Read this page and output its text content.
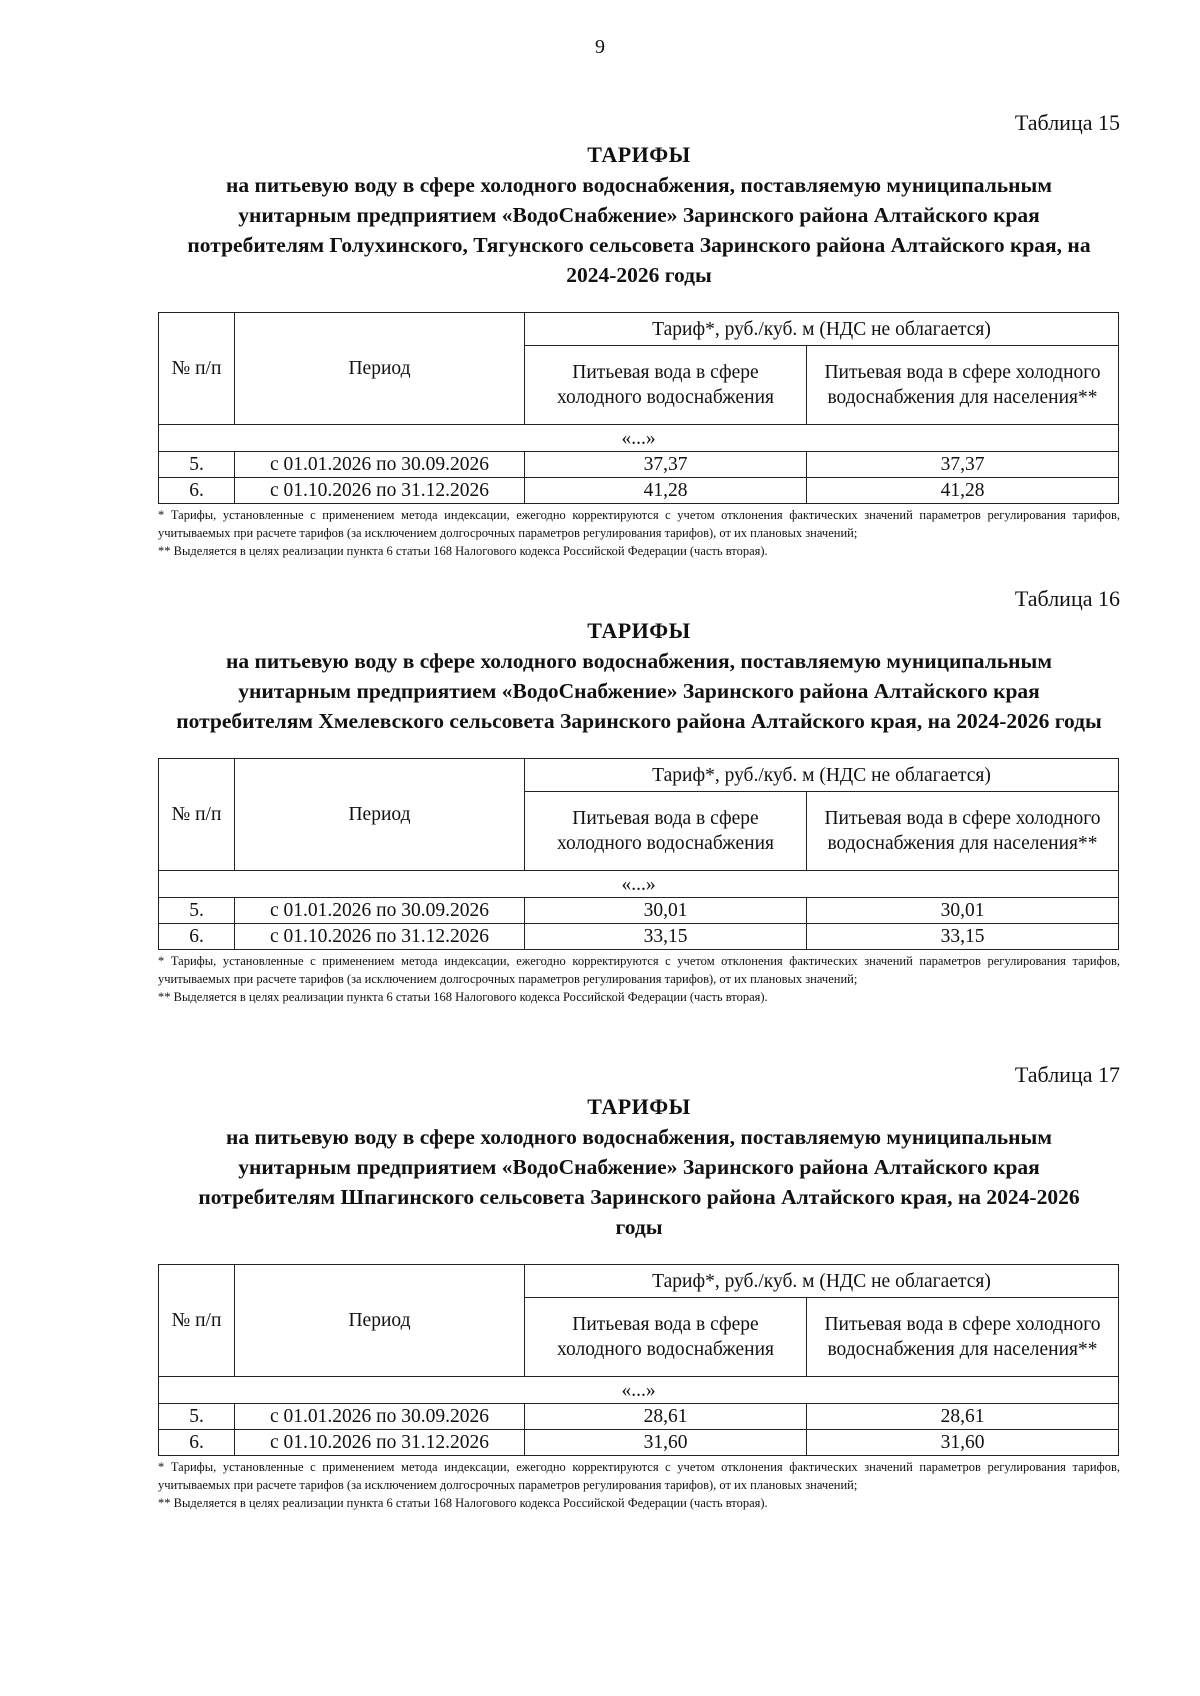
9
Таблица 15
ТАРИФЫ
на питьевую воду в сфере холодного водоснабжения, поставляемую муниципальным унитарным предприятием «ВодоСнабжение» Заринского района Алтайского края потребителям Голухинского, Тягунского сельсовета Заринского района Алтайского края, на 2024-2026 годы
№ п/п	Период	Тариф*, руб./куб. м (НДС не облагается)	
		Питьевая вода в сфере холодного водоснабжения	Питьевая вода в сфере холодного водоснабжения для населения**
«...»			
5.	с 01.01.2026 по 30.09.2026	37,37	37,37
6.	с 01.10.2026 по 31.12.2026	41,28	41,28

* Тарифы, установленные с применением метода индексации, ежегодно корректируются с учетом отклонения фактических значений параметров регулирования тарифов, учитываемых при расчете тарифов (за исключением долгосрочных параметров регулирования тарифов), от их плановых значений;

** Выделяется в целях реализации пункта 6 статьи 168 Налогового кодекса Российской Федерации (часть вторая).

Таблица 16
ТАРИФЫ
на питьевую воду в сфере холодного водоснабжения, поставляемую муниципальным унитарным предприятием «ВодоСнабжение» Заринского района Алтайского края потребителям Хмелевского сельсовета Заринского района Алтайского края, на 2024-2026 годы
№ п/п	Период	Тариф*, руб./куб. м (НДС не облагается)	
		Питьевая вода в сфере холодного водоснабжения	Питьевая вода в сфере холодного водоснабжения для населения**
«...»			
5.	с 01.01.2026 по 30.09.2026	30,01	30,01
6.	с 01.10.2026 по 31.12.2026	33,15	33,15

* Тарифы, установленные с применением метода индексации, ежегодно корректируются с учетом отклонения фактических значений параметров регулирования тарифов, учитываемых при расчете тарифов (за исключением долгосрочных параметров регулирования тарифов), от их плановых значений;

** Выделяется в целях реализации пункта 6 статьи 168 Налогового кодекса Российской Федерации (часть вторая).

Таблица 17
ТАРИФЫ
на питьевую воду в сфере холодного водоснабжения, поставляемую муниципальным унитарным предприятием «ВодоСнабжение» Заринского района Алтайского края потребителям Шпагинского сельсовета Заринского района Алтайского края, на 2024-2026 годы
№ п/п	Период	Тариф*, руб./куб. м (НДС не облагается)	
		Питьевая вода в сфере холодного водоснабжения	Питьевая вода в сфере холодного водоснабжения для населения**
«...»			
5.	с 01.01.2026 по 30.09.2026	28,61	28,61
6.	с 01.10.2026 по 31.12.2026	31,60	31,60

* Тарифы, установленные с применением метода индексации, ежегодно корректируются с учетом отклонения фактических значений параметров регулирования тарифов, учитываемых при расчете тарифов (за исключением долгосрочных параметров регулирования тарифов), от их плановых значений;

** Выделяется в целях реализации пункта 6 статьи 168 Налогового кодекса Российской Федерации (часть вторая).
